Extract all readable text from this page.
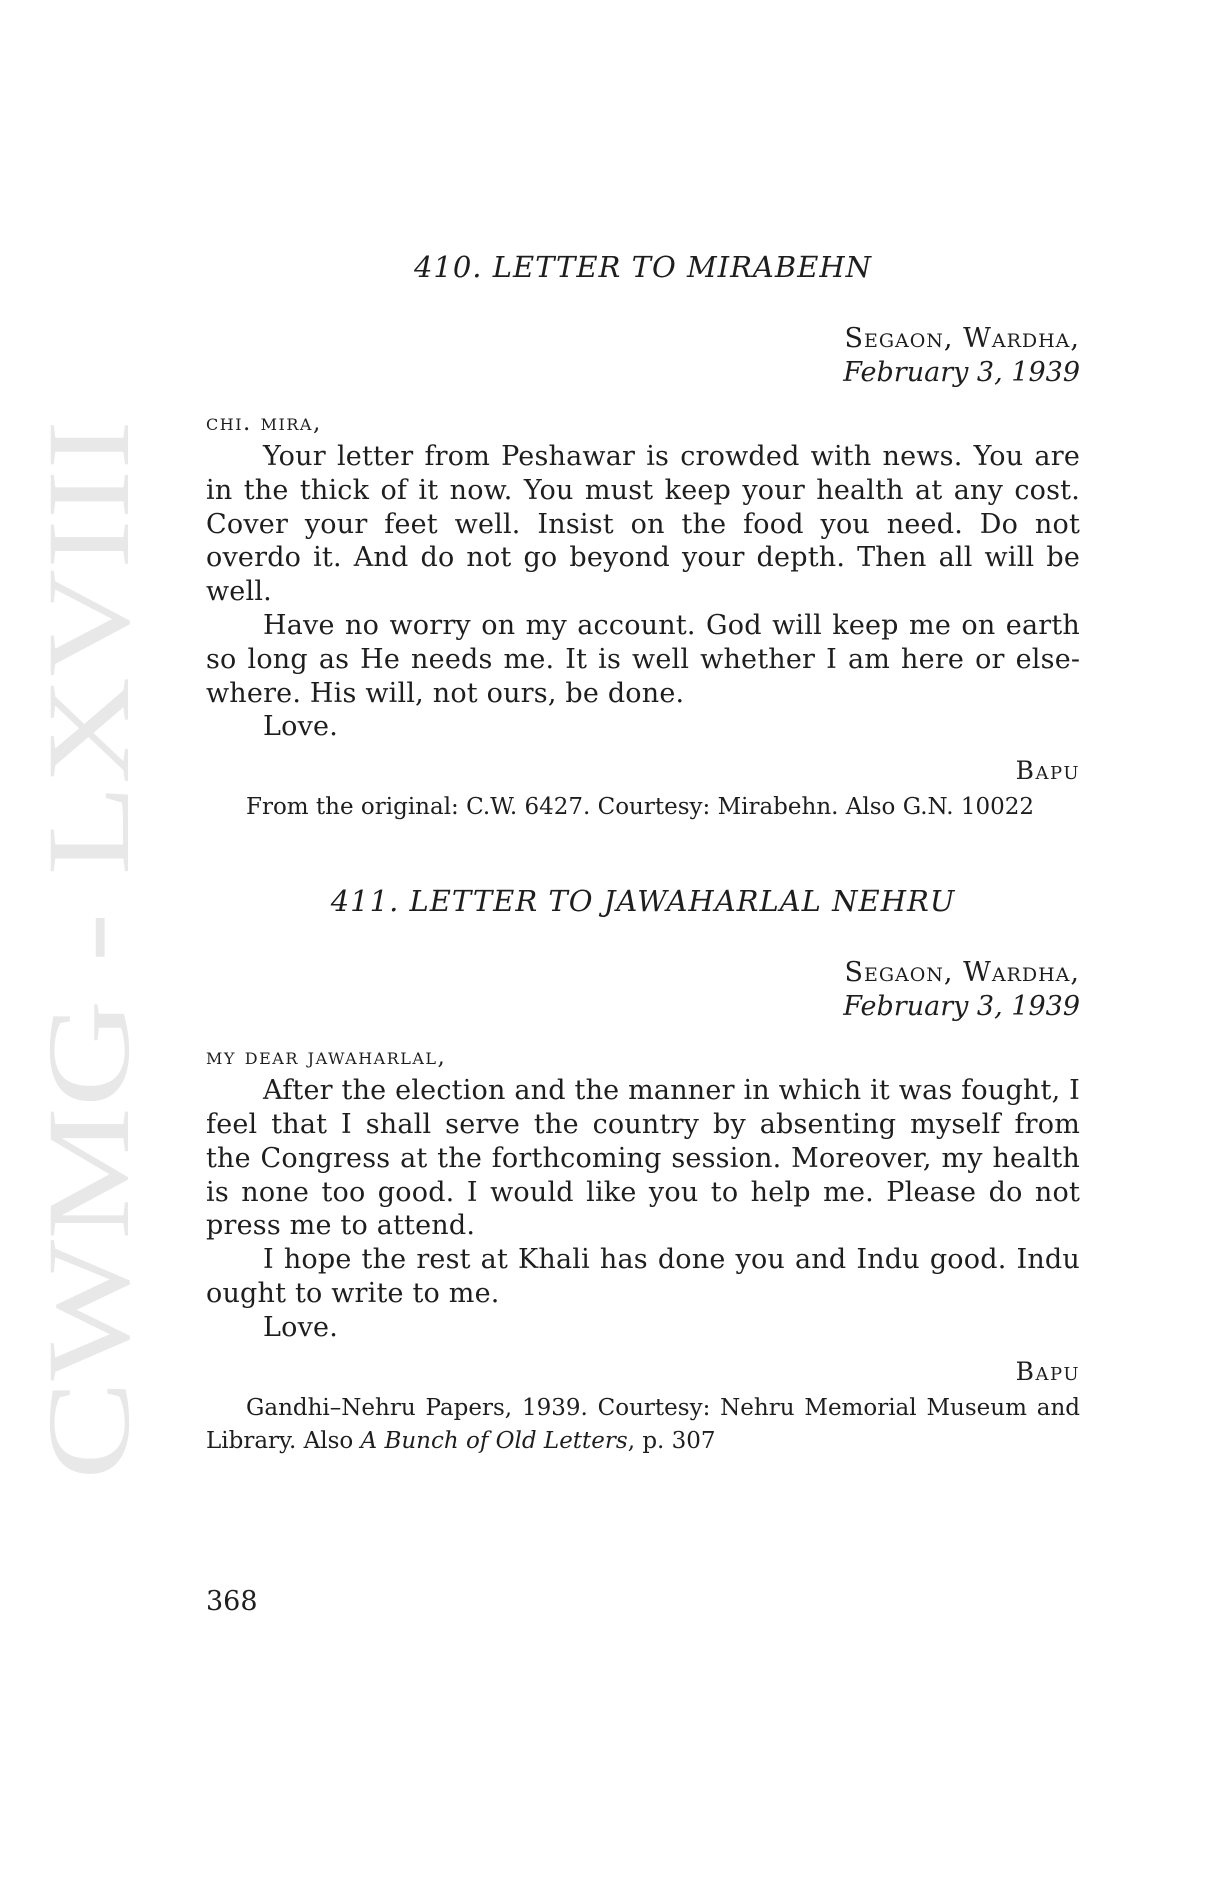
CWMG - LXVIII
410. LETTER TO MIRABEHN
Segaon, Wardha,
February 3, 1939
chi. mira,

Your letter from Peshawar is crowded with news. You are in the thick of it now. You must keep your health at any cost. Cover your feet well. Insist on the food you need. Do not overdo it. And do not go beyond your depth. Then all will be well.

Have no worry on my account. God will keep me on earth so long as He needs me. It is well whether I am here or elsewhere. His will, not ours, be done.

Love.

Bapu

From the original: C.W. 6427. Courtesy: Mirabehn. Also G.N. 10022

411. LETTER TO JAWAHARLAL NEHRU
Segaon, Wardha,
February 3, 1939
my dear jawaharlal,

After the election and the manner in which it was fought, I feel that I shall serve the country by absenting myself from the Congress at the forthcoming session. Moreover, my health is none too good. I would like you to help me. Please do not press me to attend.

I hope the rest at Khali has done you and Indu good. Indu ought to write to me.

Love.

Bapu

Gandhi–Nehru Papers, 1939. Courtesy: Nehru Memorial Museum and Library. Also A Bunch of Old Letters, p. 307

368
